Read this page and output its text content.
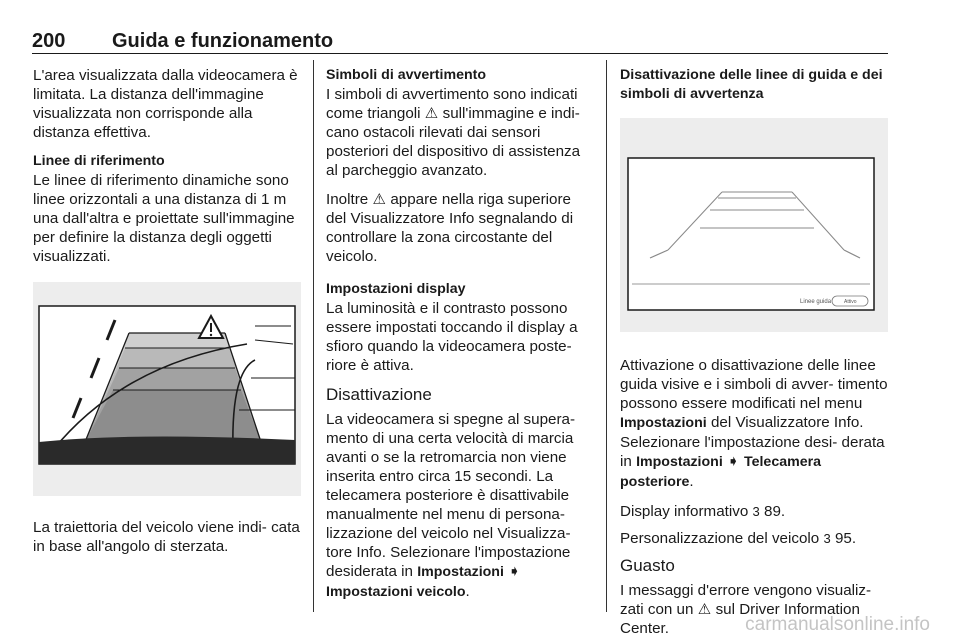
200 Guida e funzionamento

L'area visualizzata dalla videocamera è limitata. La distanza dell'immagine visualizzata non corrisponde alla distanza effettiva.

Linee di riferimento

Le linee di riferimento dinamiche sono linee orizzontali a una distanza di 1 m una dall'altra e proiettate sull'immagine per definire la distanza degli oggetti visualizzati.

La traiettoria del veicolo viene indi- cata in base all'angolo di sterzata.

Simboli di avvertimento

I simboli di avvertimento sono indicati come triangoli ⚠ sull'immagine e indi- cano ostacoli rilevati dai sensori posteriori del dispositivo di assistenza al parcheggio avanzato.

Inoltre ⚠ appare nella riga superiore del Visualizzatore Info segnalando di controllare la zona circostante del veicolo.

Impostazioni display

La luminosità e il contrasto possono essere impostati toccando il display a sfioro quando la videocamera poste- riore è attiva.

Disattivazione

La videocamera si spegne al supera- mento di una certa velocità di marcia avanti o se la retromarcia non viene inserita entro circa 15 secondi. La telecamera posteriore è disattivabile manualmente nel menu di persona- lizzazione del veicolo nel Visualizza- tore Info. Selezionare l'impostazione desiderata in Impostazioni ➧ Impostazioni veicolo.

Disattivazione delle linee di guida e dei simboli di avvertenza
Linee guida	Attivo

Attivazione o disattivazione delle linee guida visive e i simboli di avver- timento possono essere modificati nel menu Impostazioni del Visualizzatore Info. Selezionare l'impostazione desi- derata in Impostazioni ➧ Telecamera posteriore.

Display informativo 3 89.

Personalizzazione del veicolo 3 95.

Guasto

I messaggi d'errore vengono visualiz- zati con un ⚠ sul Driver Information Center.	carmanualsonline.info
